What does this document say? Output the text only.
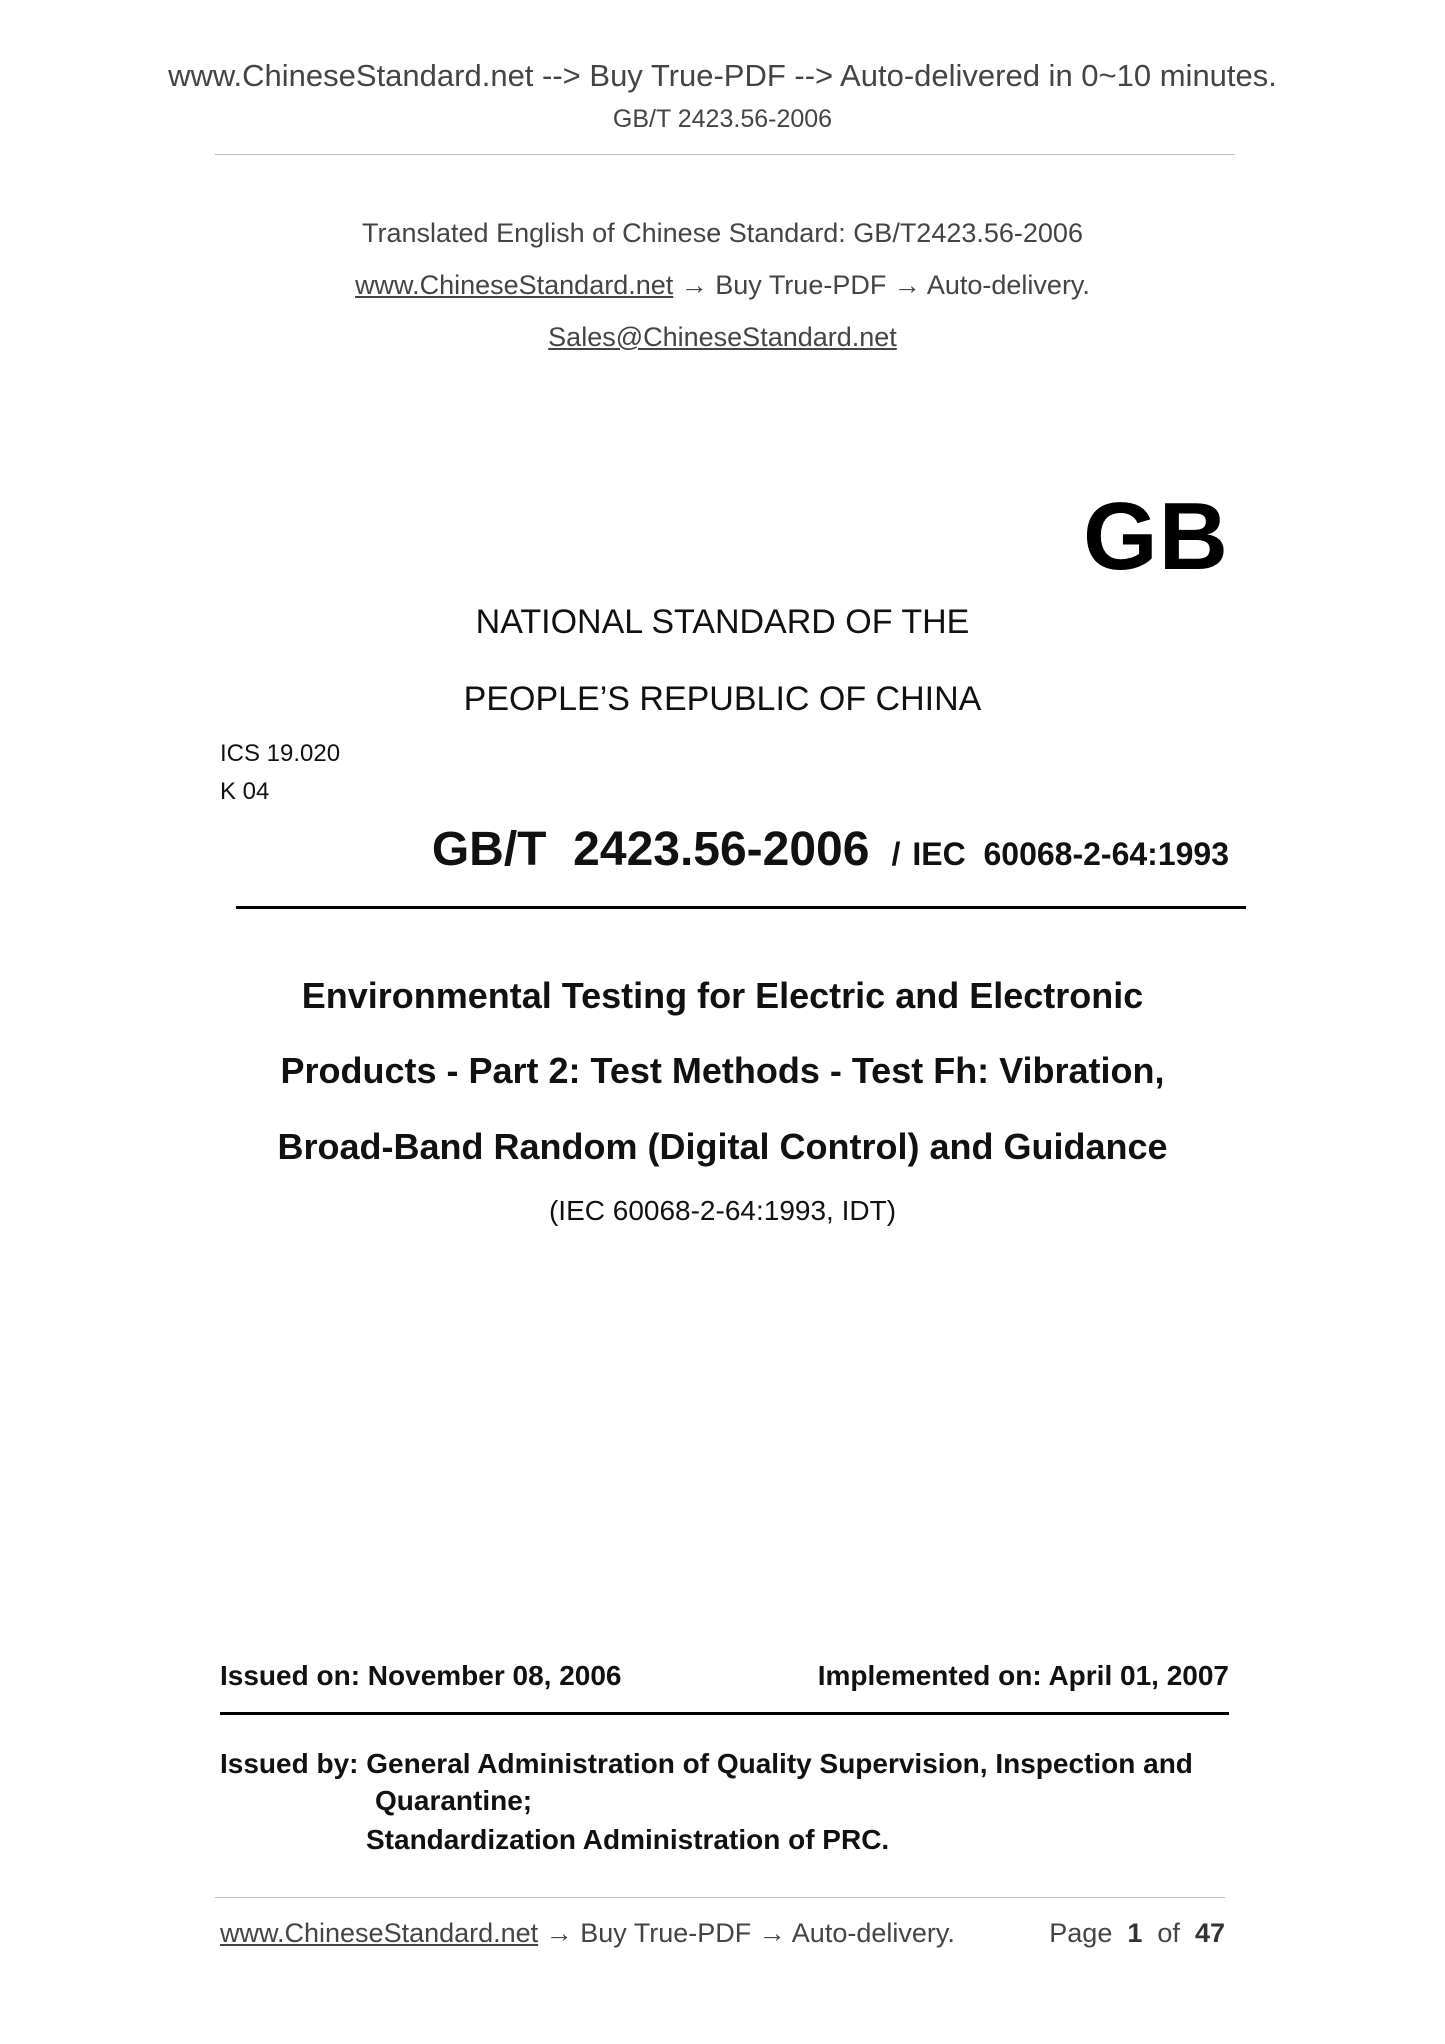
www.ChineseStandard.net --> Buy True-PDF --> Auto-delivered in 0~10 minutes.
GB/T 2423.56-2006
Translated English of Chinese Standard: GB/T2423.56-2006
www.ChineseStandard.net → Buy True-PDF → Auto-delivery.
Sales@ChineseStandard.net
GB
NATIONAL STANDARD OF THE
PEOPLE’S REPUBLIC OF CHINA
ICS 19.020
K 04
GB/T  2423.56-2006 / IEC  60068-2-64:1993
Environmental Testing for Electric and Electronic
Products - Part 2: Test Methods - Test Fh: Vibration,
Broad-Band Random (Digital Control) and Guidance
(IEC 60068-2-64:1993, IDT)
Issued on: November 08, 2006	Implemented on: April 01, 2007
Issued by: General Administration of Quality Supervision, Inspection and
Quarantine;
Standardization Administration of PRC.
www.ChineseStandard.net → Buy True-PDF → Auto-delivery.	Page 1 of 47
